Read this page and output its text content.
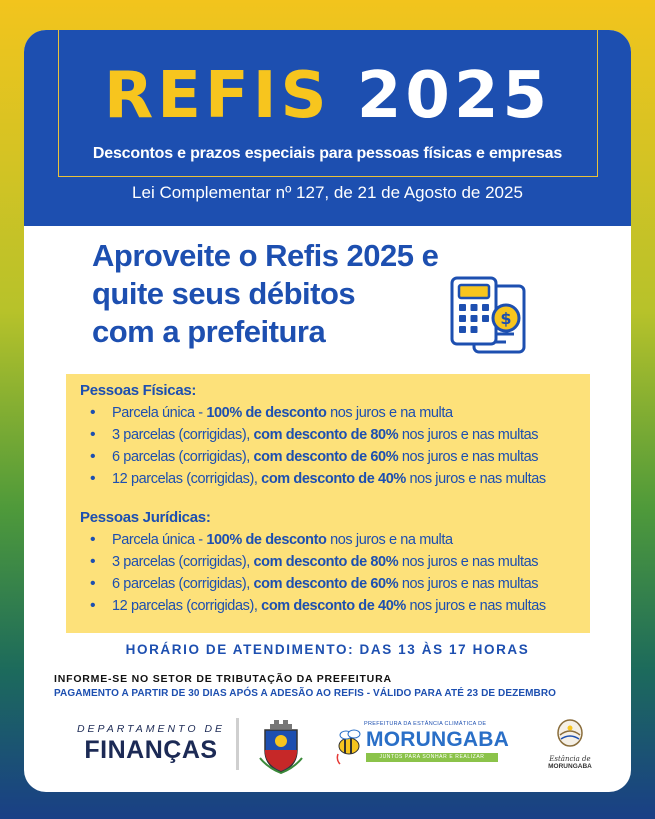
REFIS 2025
Descontos e prazos especiais para pessoas físicas e empresas
Lei Complementar nº 127, de 21 de Agosto de 2025
Aproveite o Refis 2025 e
quite seus débitos
com a prefeitura	$
Pessoas Físicas:
• Parcela única - 100% de desconto nos juros e na multa
• 3 parcelas (corrigidas), com desconto de 80% nos juros e nas multas
• 6 parcelas (corrigidas), com desconto de 60% nos juros e nas multas
• 12 parcelas (corrigidas), com desconto de 40% nos juros e nas multas
Pessoas Jurídicas:
• Parcela única - 100% de desconto nos juros e na multa
• 3 parcelas (corrigidas), com desconto de 80% nos juros e nas multas
• 6 parcelas (corrigidas), com desconto de 60% nos juros e nas multas
• 12 parcelas (corrigidas), com desconto de 40% nos juros e nas multas
HORÁRIO DE ATENDIMENTO: DAS 13 ÀS 17 HORAS
INFORME-SE NO SETOR DE TRIBUTAÇÃO DA PREFEITURA
PAGAMENTO A PARTIR DE 30 DIAS APÓS A ADESÃO AO REFIS - VÁLIDO PARA ATÉ 23 DE DEZEMBRO
DEPARTAMENTO DE
FINANÇAS
PREFEITURA DA ESTÂNCIA CLIMÁTICA DE
MORUNGABA
JUNTOS PARA SONHAR E REALIZAR	Estância de
MORUNGABA
